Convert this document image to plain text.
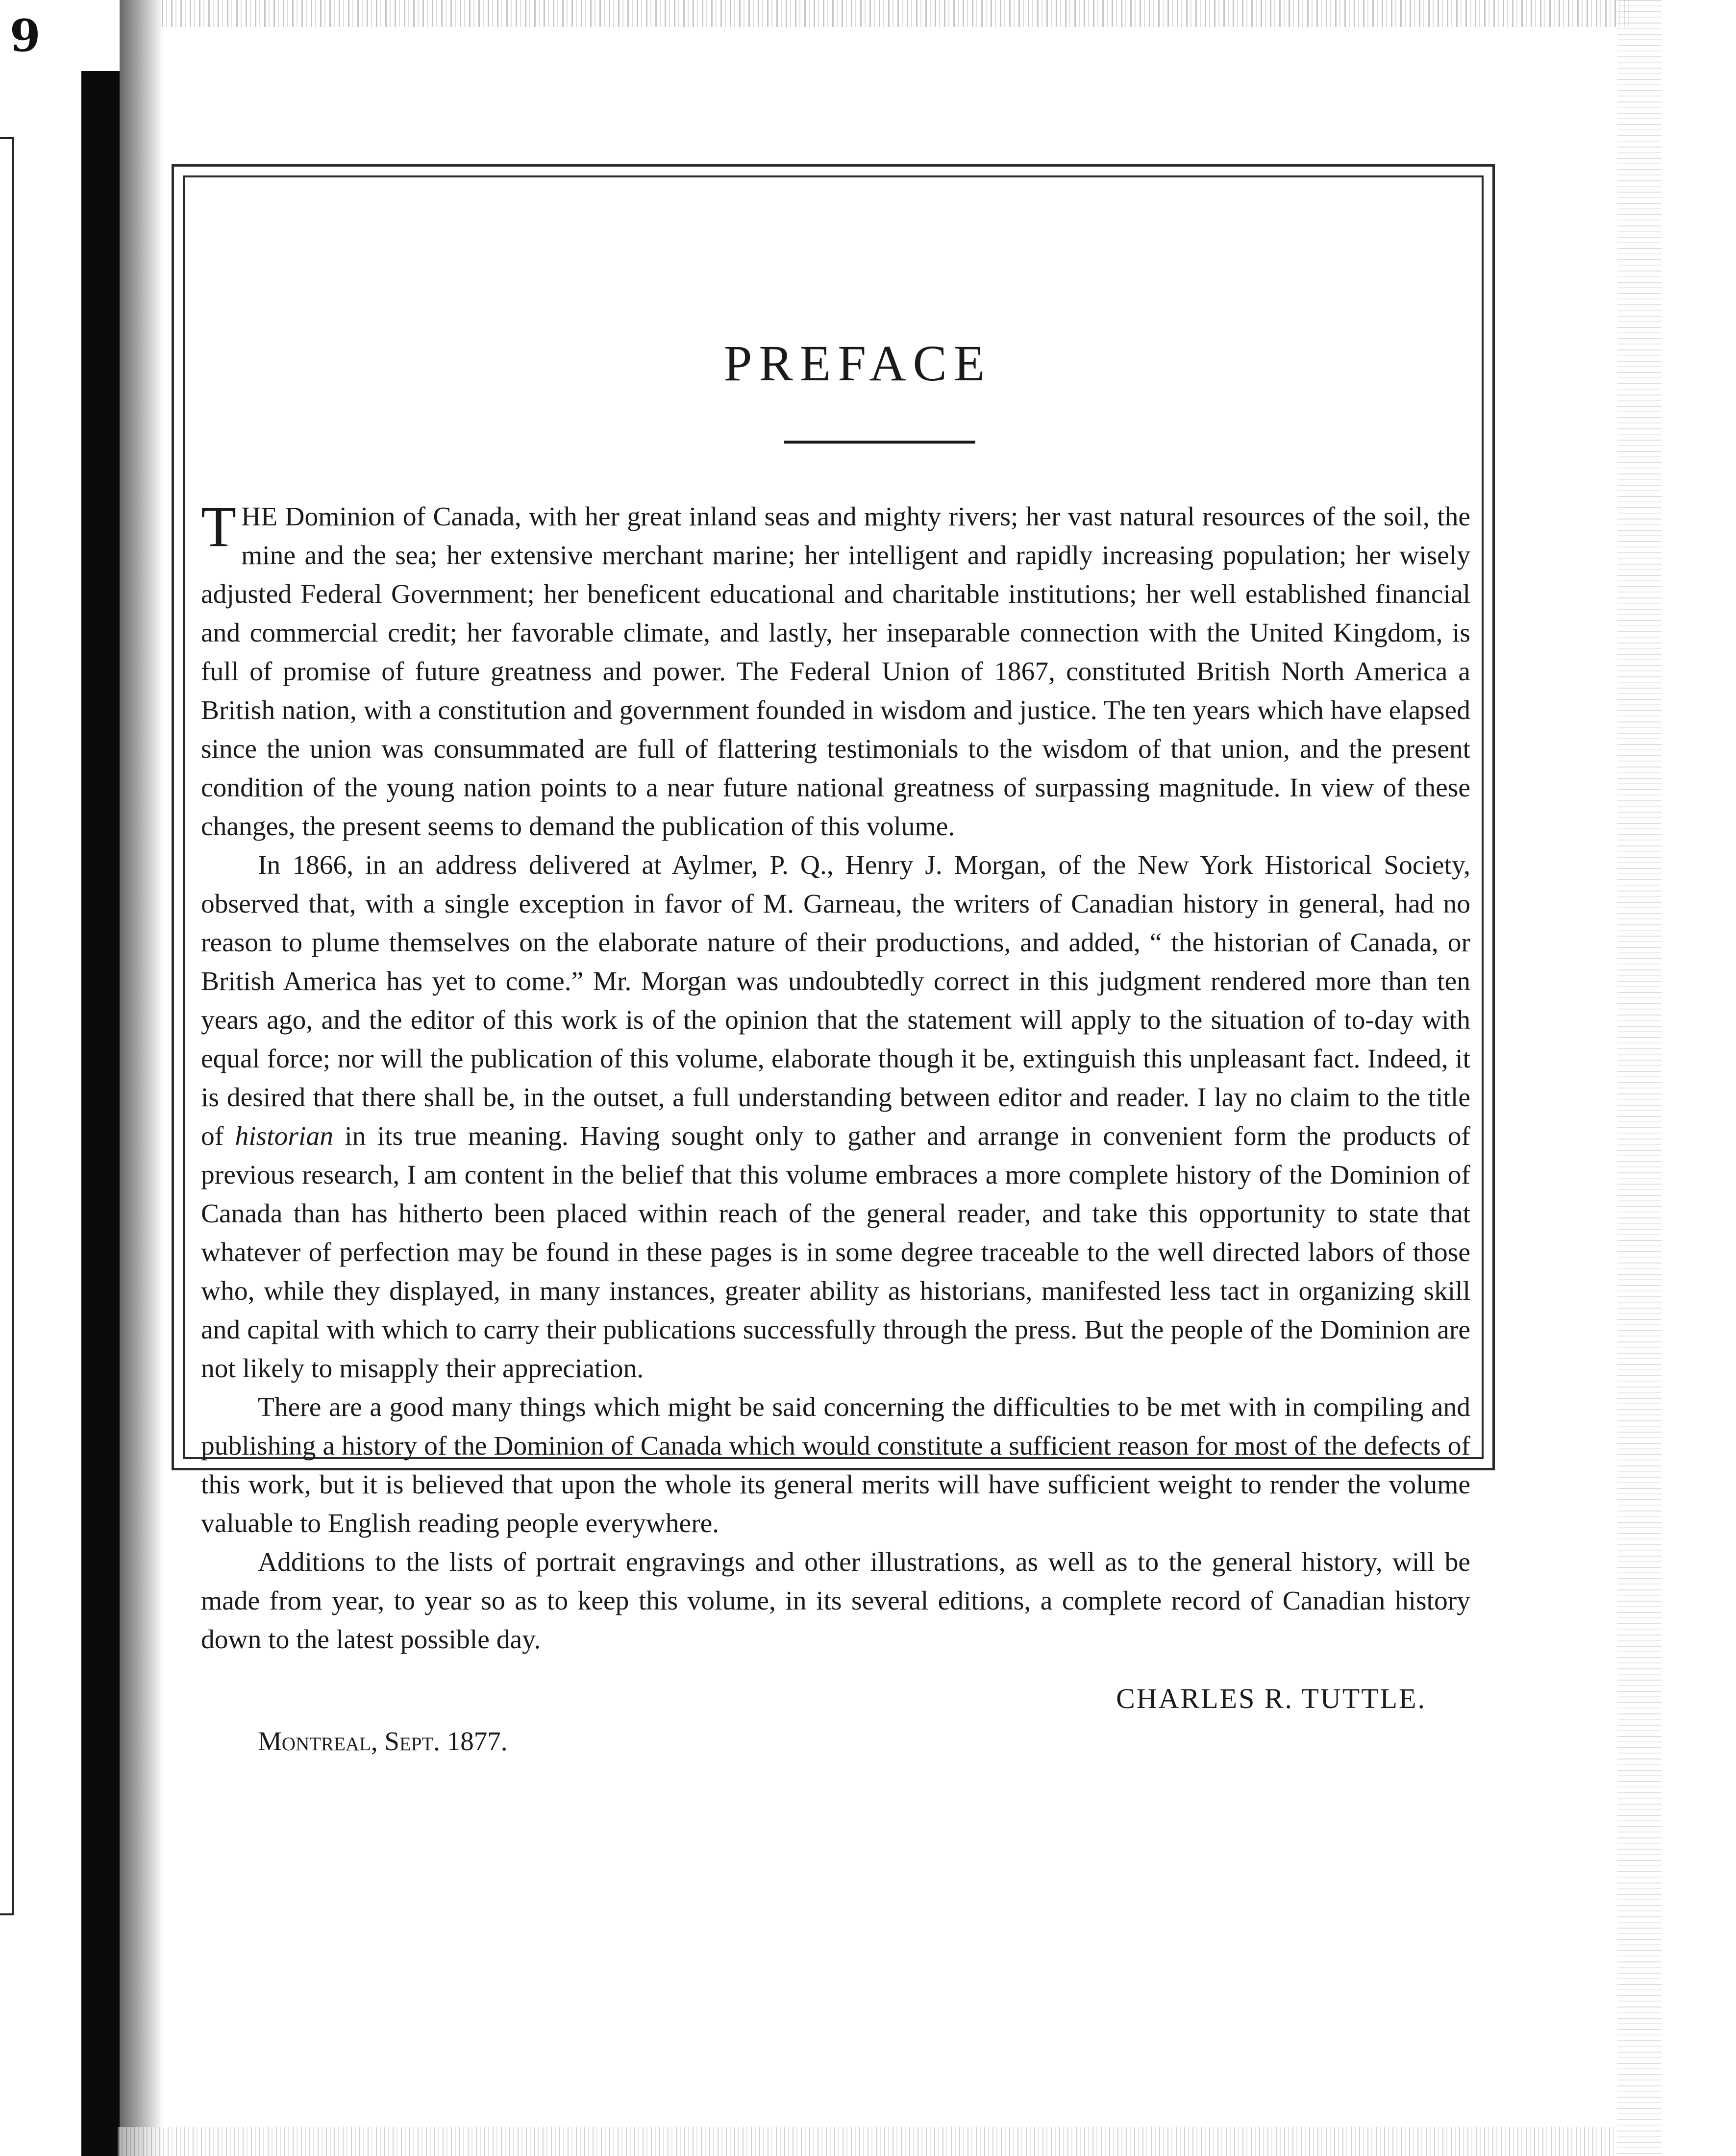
9
PREFACE

THE Dominion of Canada, with her great inland seas and mighty rivers; her vast natural resources of the soil, the mine and the sea; her extensive merchant marine; her intelligent and rapidly increasing population; her wisely adjusted Federal Government; her beneficent educational and charitable institutions; her well established financial and commercial credit; her favorable climate, and lastly, her inseparable connection with the United Kingdom, is full of promise of future greatness and power. The Federal Union of 1867, constituted British North America a British nation, with a constitution and government founded in wisdom and justice. The ten years which have elapsed since the union was consummated are full of flattering testimonials to the wisdom of that union, and the present condition of the young nation points to a near future national greatness of surpassing magnitude. In view of these changes, the present seems to demand the publication of this volume.

In 1866, in an address delivered at Aylmer, P. Q., Henry J. Morgan, of the New York Historical Society, observed that, with a single exception in favor of M. Garneau, the writers of Canadian history in general, had no reason to plume themselves on the elaborate nature of their productions, and added, “ the historian of Canada, or British America has yet to come.” Mr. Morgan was undoubtedly correct in this judgment rendered more than ten years ago, and the editor of this work is of the opinion that the statement will apply to the situation of to-day with equal force; nor will the publication of this volume, elaborate though it be, extinguish this unpleasant fact. Indeed, it is desired that there shall be, in the outset, a full understanding between editor and reader. I lay no claim to the title of historian in its true meaning. Having sought only to gather and arrange in convenient form the products of previous research, I am content in the belief that this volume embraces a more complete history of the Dominion of Canada than has hitherto been placed within reach of the general reader, and take this opportunity to state that whatever of perfection may be found in these pages is in some degree traceable to the well directed labors of those who, while they displayed, in many instances, greater ability as historians, manifested less tact in organizing skill and capital with which to carry their publications successfully through the press. But the people of the Dominion are not likely to misapply their appreciation.

There are a good many things which might be said concerning the difficulties to be met with in compiling and publishing a history of the Dominion of Canada which would constitute a sufficient reason for most of the defects of this work, but it is believed that upon the whole its general merits will have sufficient weight to render the volume valuable to English reading people everywhere.

Additions to the lists of portrait engravings and other illustrations, as well as to the general history, will be made from year, to year so as to keep this volume, in its several editions, a complete record of Canadian history down to the latest possible day.

CHARLES R. TUTTLE.
Montreal, Sept. 1877.
